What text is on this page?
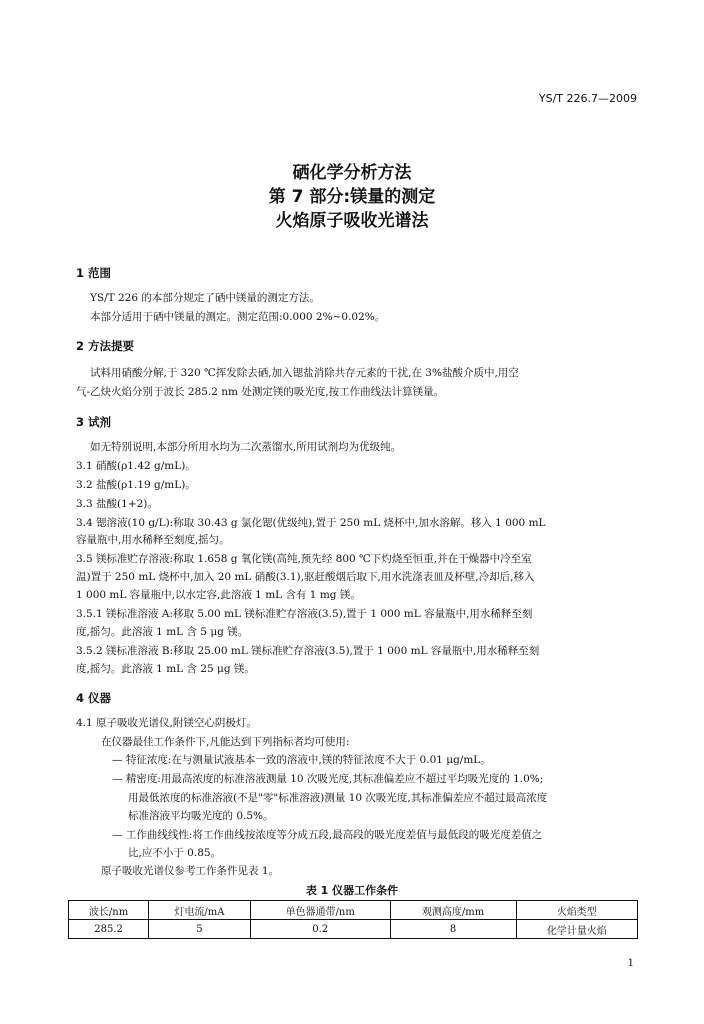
YS/T 226.7—2009
硒化学分析方法
第 7 部分:镁量的测定
火焰原子吸收光谱法
1 范围
YS/T 226 的本部分规定了硒中镁量的测定方法。
本部分适用于硒中镁量的测定。测定范围:0.000 2%~0.02%。
2 方法提要
试料用硝酸分解,于 320 ℃挥发除去硒,加入锶盐消除共存元素的干扰,在 3%盐酸介质中,用空
气-乙炔火焰分别于波长 285.2 nm 处测定镁的吸光度,按工作曲线法计算镁量。
3 试剂
如无特别说明,本部分所用水均为二次蒸馏水,所用试剂均为优级纯。
3.1 硝酸(ρ1.42 g/mL)。
3.2 盐酸(ρ1.19 g/mL)。
3.3 盐酸(1+2)。
3.4 锶溶液(10 g/L):称取 30.43 g 氯化锶(优级纯),置于 250 mL 烧杯中,加水溶解。移入 1 000 mL
容量瓶中,用水稀释至刻度,摇匀。
3.5 镁标准贮存溶液:称取 1.658 g 氧化镁(高纯,预先经 800 ℃下灼烧至恒重,并在干燥器中冷至室
温)置于 250 mL 烧杯中,加入 20 mL 硝酸(3.1),驱赶酸烟后取下,用水洗涤表皿及杯壁,冷却后,移入
1 000 mL 容量瓶中,以水定容,此溶液 1 mL 含有 1 mg 镁。
3.5.1 镁标准溶液 A:移取 5.00 mL 镁标准贮存溶液(3.5),置于 1 000 mL 容量瓶中,用水稀释至刻
度,摇匀。此溶液 1 mL 含 5 μg 镁。
3.5.2 镁标准溶液 B:移取 25.00 mL 镁标准贮存溶液(3.5),置于 1 000 mL 容量瓶中,用水稀释至刻
度,摇匀。此溶液 1 mL 含 25 μg 镁。
4 仪器
4.1 原子吸收光谱仪,附镁空心阴极灯。
在仪器最佳工作条件下,凡能达到下列指标者均可使用:
— 特征浓度:在与测量试液基本一致的溶液中,镁的特征浓度不大于 0.01 μg/mL。
— 精密度:用最高浓度的标准溶液测量 10 次吸光度,其标准偏差应不超过平均吸光度的 1.0%;
用最低浓度的标准溶液(不是"零"标准溶液)测量 10 次吸光度,其标准偏差应不超过最高浓度
标准溶液平均吸光度的 0.5%。
— 工作曲线线性:将工作曲线按浓度等分成五段,最高段的吸光度差值与最低段的吸光度差值之
比,应不小于 0.85。
原子吸收光谱仪参考工作条件见表 1。
表 1 仪器工作条件
波长/nm	灯电流/mA	单色器通带/nm	观测高度/mm	火焰类型
285.2	5	0.2	8	化学计量火焰
1
